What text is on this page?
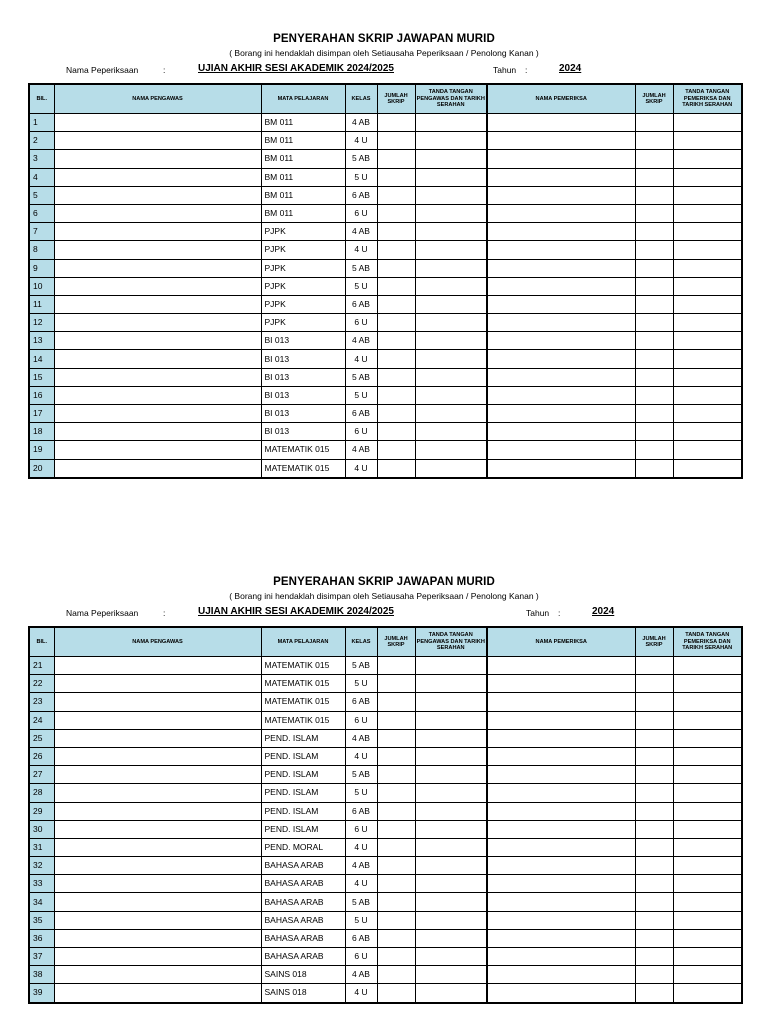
PENYERAHAN SKRIP JAWAPAN MURID
( Borang ini hendaklah disimpan oleh Setiausaha Peperiksaan / Penolong Kanan )
Nama Peperiksaan	:	UJIAN AKHIR SESI AKADEMIK 2024/2025	Tahun :	2024
BIL.	NAMA PENGAWAS	MATA PELAJARAN	KELAS	JUMLAH SKRIP	TANDA TANGAN PENGAWAS DAN TARIKH SERAHAN	NAMA PEMERIKSA	JUMLAH SKRIP	TANDA TANGAN PEMERIKSA DAN TARIKH SERAHAN
1		BM 011	4 AB					
2		BM 011	4 U					
3		BM 011	5 AB					
4		BM 011	5 U					
5		BM 011	6 AB					
6		BM 011	6 U					
7		PJPK	4 AB					
8		PJPK	4 U					
9		PJPK	5 AB					
10		PJPK	5 U					
11		PJPK	6 AB					
12		PJPK	6 U					
13		BI 013	4 AB					
14		BI 013	4 U					
15		BI 013	5 AB					
16		BI 013	5 U					
17		BI 013	6 AB					
18		BI 013	6 U					
19		MATEMATIK 015	4 AB					
20		MATEMATIK 015	4 U					
PENYERAHAN SKRIP JAWAPAN MURID
( Borang ini hendaklah disimpan oleh Setiausaha Peperiksaan / Penolong Kanan )
Nama Peperiksaan	:	UJIAN AKHIR SESI AKADEMIK 2024/2025	Tahun :	2024
BIL.	NAMA PENGAWAS	MATA PELAJARAN	KELAS	JUMLAH SKRIP	TANDA TANGAN PENGAWAS DAN TARIKH SERAHAN	NAMA PEMERIKSA	JUMLAH SKRIP	TANDA TANGAN PEMERIKSA DAN TARIKH SERAHAN
21		MATEMATIK 015	5 AB					
22		MATEMATIK 015	5 U					
23		MATEMATIK 015	6 AB					
24		MATEMATIK 015	6 U					
25		PEND. ISLAM	4 AB					
26		PEND. ISLAM	4 U					
27		PEND. ISLAM	5 AB					
28		PEND. ISLAM	5 U					
29		PEND. ISLAM	6 AB					
30		PEND. ISLAM	6 U					
31		PEND. MORAL	4 U					
32		BAHASA ARAB	4 AB					
33		BAHASA ARAB	4 U					
34		BAHASA ARAB	5 AB					
35		BAHASA ARAB	5 U					
36		BAHASA ARAB	6 AB					
37		BAHASA ARAB	6 U					
38		SAINS 018	4 AB					
39		SAINS 018	4 U					
